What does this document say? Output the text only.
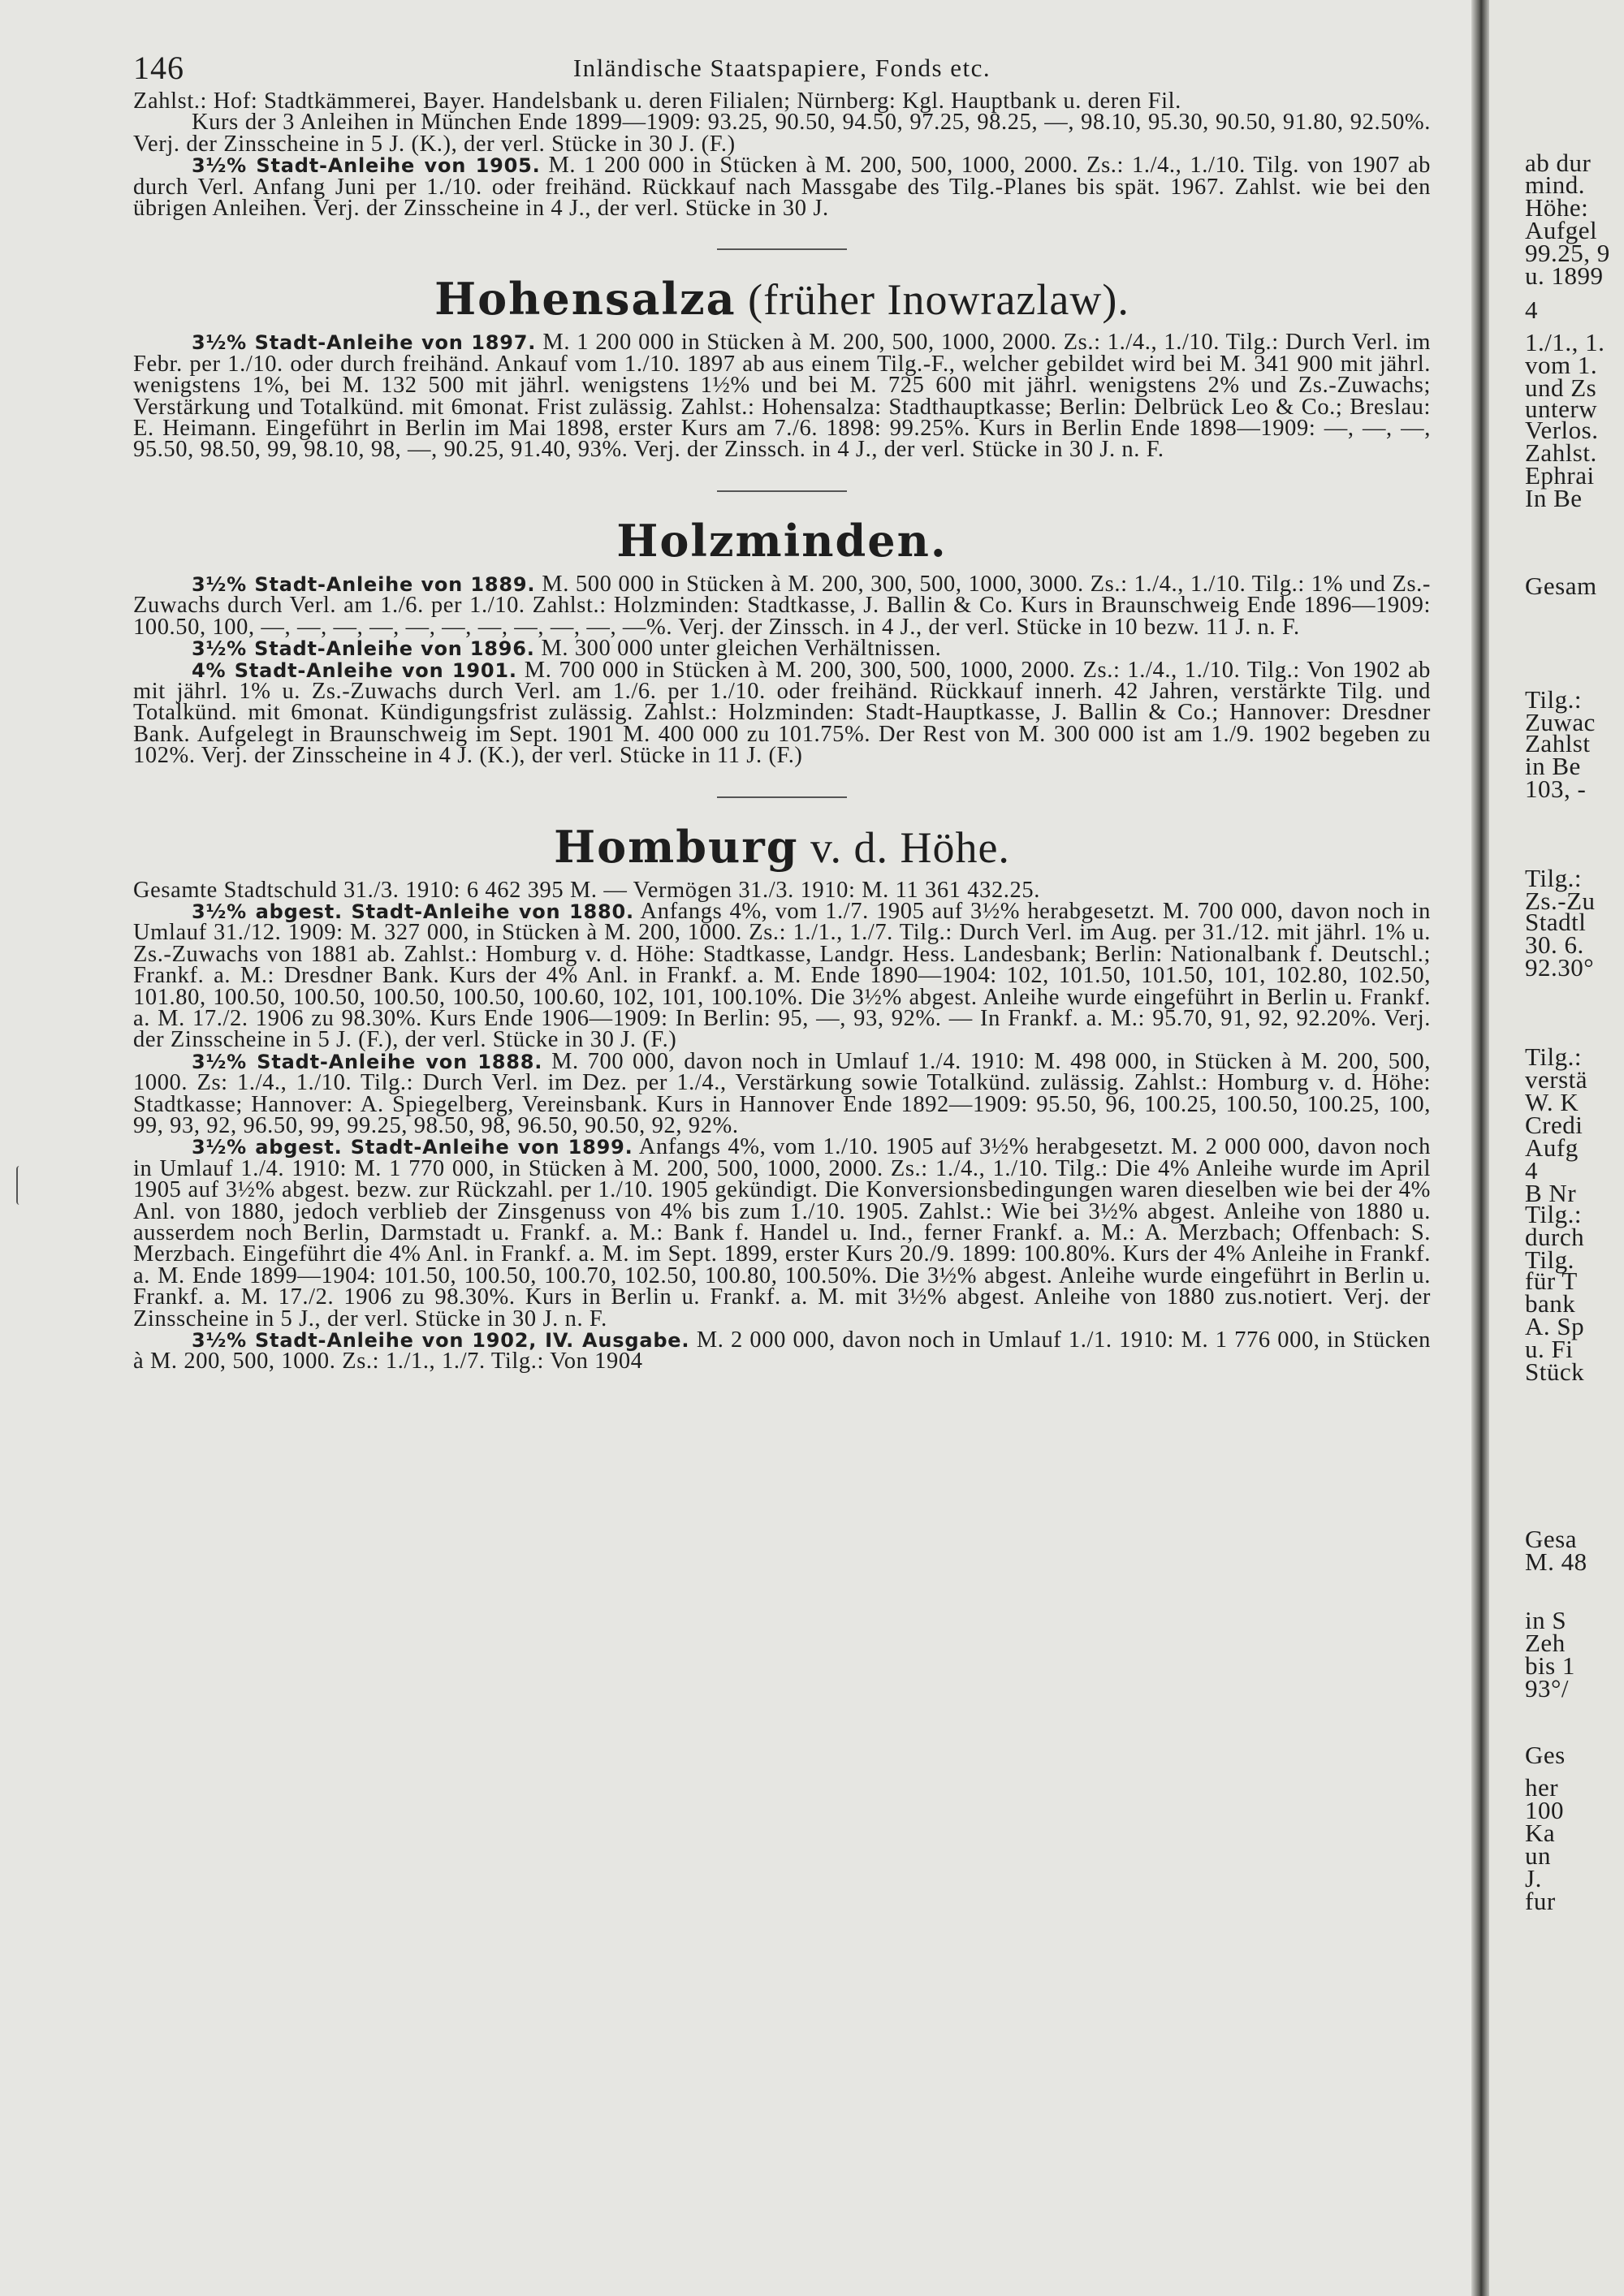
146	Inländische Staatspapiere, Fonds etc.

Zahlst.: Hof: Stadtkämmerei, Bayer. Handelsbank u. deren Filialen; Nürnberg: Kgl. Hauptbank u. deren Fil.

Kurs der 3 Anleihen in München Ende 1899—1909: 93.25, 90.50, 94.50, 97.25, 98.25, —, 98.10, 95.30, 90.50, 91.80, 92.50%. Verj. der Zinsscheine in 5 J. (K.), der verl. Stücke in 30 J. (F.)

3½% Stadt-Anleihe von 1905. M. 1 200 000 in Stücken à M. 200, 500, 1000, 2000. Zs.: 1./4., 1./10. Tilg. von 1907 ab durch Verl. Anfang Juni per 1./10. oder freihänd. Rückkauf nach Massgabe des Tilg.-Planes bis spät. 1967. Zahlst. wie bei den übrigen Anleihen. Verj. der Zinsscheine in 4 J., der verl. Stücke in 30 J.

Hohensalza (früher Inowrazlaw).

3½% Stadt-Anleihe von 1897. M. 1 200 000 in Stücken à M. 200, 500, 1000, 2000. Zs.: 1./4., 1./10. Tilg.: Durch Verl. im Febr. per 1./10. oder durch freihänd. Ankauf vom 1./10. 1897 ab aus einem Tilg.-F., welcher gebildet wird bei M. 341 900 mit jährl. wenigstens 1%, bei M. 132 500 mit jährl. wenigstens 1½% und bei M. 725 600 mit jährl. wenigstens 2% und Zs.-Zuwachs; Verstärkung und Totalkünd. mit 6monat. Frist zulässig. Zahlst.: Hohensalza: Stadthauptkasse; Berlin: Delbrück Leo & Co.; Breslau: E. Heimann. Eingeführt in Berlin im Mai 1898, erster Kurs am 7./6. 1898: 99.25%. Kurs in Berlin Ende 1898—1909: —, —, —, 95.50, 98.50, 99, 98.10, 98, —, 90.25, 91.40, 93%. Verj. der Zinssch. in 4 J., der verl. Stücke in 30 J. n. F.

Holzminden.

3½% Stadt-Anleihe von 1889. M. 500 000 in Stücken à M. 200, 300, 500, 1000, 3000. Zs.: 1./4., 1./10. Tilg.: 1% und Zs.-Zuwachs durch Verl. am 1./6. per 1./10. Zahlst.: Holzminden: Stadtkasse, J. Ballin & Co. Kurs in Braunschweig Ende 1896—1909: 100.50, 100, —, —, —, —, —, —, —, —, —, —, —%. Verj. der Zinssch. in 4 J., der verl. Stücke in 10 bezw. 11 J. n. F.

3½% Stadt-Anleihe von 1896. M. 300 000 unter gleichen Verhältnissen.

4% Stadt-Anleihe von 1901. M. 700 000 in Stücken à M. 200, 300, 500, 1000, 2000. Zs.: 1./4., 1./10. Tilg.: Von 1902 ab mit jährl. 1% u. Zs.-Zuwachs durch Verl. am 1./6. per 1./10. oder freihänd. Rückkauf innerh. 42 Jahren, verstärkte Tilg. und Totalkünd. mit 6monat. Kündigungsfrist zulässig. Zahlst.: Holzminden: Stadt-Hauptkasse, J. Ballin & Co.; Hannover: Dresdner Bank. Aufgelegt in Braunschweig im Sept. 1901 M. 400 000 zu 101.75%. Der Rest von M. 300 000 ist am 1./9. 1902 begeben zu 102%. Verj. der Zinsscheine in 4 J. (K.), der verl. Stücke in 11 J. (F.)

Homburg v. d. Höhe.

Gesamte Stadtschuld 31./3. 1910: 6 462 395 M. — Vermögen 31./3. 1910: M. 11 361 432.25.

3½% abgest. Stadt-Anleihe von 1880. Anfangs 4%, vom 1./7. 1905 auf 3½% herabgesetzt. M. 700 000, davon noch in Umlauf 31./12. 1909: M. 327 000, in Stücken à M. 200, 1000. Zs.: 1./1., 1./7. Tilg.: Durch Verl. im Aug. per 31./12. mit jährl. 1% u. Zs.-Zuwachs von 1881 ab. Zahlst.: Homburg v. d. Höhe: Stadtkasse, Landgr. Hess. Landesbank; Berlin: Nationalbank f. Deutschl.; Frankf. a. M.: Dresdner Bank. Kurs der 4% Anl. in Frankf. a. M. Ende 1890—1904: 102, 101.50, 101.50, 101, 102.80, 102.50, 101.80, 100.50, 100.50, 100.50, 100.50, 100.60, 102, 101, 100.10%. Die 3½% abgest. Anleihe wurde eingeführt in Berlin u. Frankf. a. M. 17./2. 1906 zu 98.30%. Kurs Ende 1906—1909: In Berlin: 95, —, 93, 92%. — In Frankf. a. M.: 95.70, 91, 92, 92.20%. Verj. der Zinsscheine in 5 J. (F.), der verl. Stücke in 30 J. (F.)

3½% Stadt-Anleihe von 1888. M. 700 000, davon noch in Umlauf 1./4. 1910: M. 498 000, in Stücken à M. 200, 500, 1000. Zs: 1./4., 1./10. Tilg.: Durch Verl. im Dez. per 1./4., Verstärkung sowie Totalkünd. zulässig. Zahlst.: Homburg v. d. Höhe: Stadtkasse; Hannover: A. Spiegelberg, Vereinsbank. Kurs in Hannover Ende 1892—1909: 95.50, 96, 100.25, 100.50, 100.25, 100, 99, 93, 92, 96.50, 99, 99.25, 98.50, 98, 96.50, 90.50, 92, 92%.

3½% abgest. Stadt-Anleihe von 1899. Anfangs 4%, vom 1./10. 1905 auf 3½% herabgesetzt. M. 2 000 000, davon noch in Umlauf 1./4. 1910: M. 1 770 000, in Stücken à M. 200, 500, 1000, 2000. Zs.: 1./4., 1./10. Tilg.: Die 4% Anleihe wurde im April 1905 auf 3½% abgest. bezw. zur Rückzahl. per 1./10. 1905 gekündigt. Die Konversionsbedingungen waren dieselben wie bei der 4% Anl. von 1880, jedoch verblieb der Zinsgenuss von 4% bis zum 1./10. 1905. Zahlst.: Wie bei 3½% abgest. Anleihe von 1880 u. ausserdem noch Berlin, Darmstadt u. Frankf. a. M.: Bank f. Handel u. Ind., ferner Frankf. a. M.: A. Merzbach; Offenbach: S. Merzbach. Eingeführt die 4% Anl. in Frankf. a. M. im Sept. 1899, erster Kurs 20./9. 1899: 100.80%. Kurs der 4% Anleihe in Frankf. a. M. Ende 1899—1904: 101.50, 100.50, 100.70, 102.50, 100.80, 100.50%. Die 3½% abgest. Anleihe wurde eingeführt in Berlin u. Frankf. a. M. 17./2. 1906 zu 98.30%. Kurs in Berlin u. Frankf. a. M. mit 3½% abgest. Anleihe von 1880 zus.notiert. Verj. der Zinsscheine in 5 J., der verl. Stücke in 30 J. n. F.

3½% Stadt-Anleihe von 1902, IV. Ausgabe. M. 2 000 000, davon noch in Umlauf 1./1. 1910: M. 1 776 000, in Stücken à M. 200, 500, 1000. Zs.: 1./1., 1./7. Tilg.: Von 1904

ab dur
mind.
Höhe:
Aufgel
99.25, 9
u. 1899
4
1./1., 1.
vom 1.
und Zs
unterw
Verlos.
Zahlst.
Ephrai
In Be
Gesam
Tilg.:
Zuwac
Zahlst
in Be
103, -
Tilg.:
Zs.-Zu
Stadtl
30. 6.
92.30°
Tilg.:
verstä
W. K
Credi
Aufg
4
B Nr
Tilg.:
durch
Tilg.
für T
bank
A. Sp
u. Fi
Stück
Gesa
M. 48
in S
Zeh
bis 1
93°/
Ges
her
100
Ka
un
J.
fur
